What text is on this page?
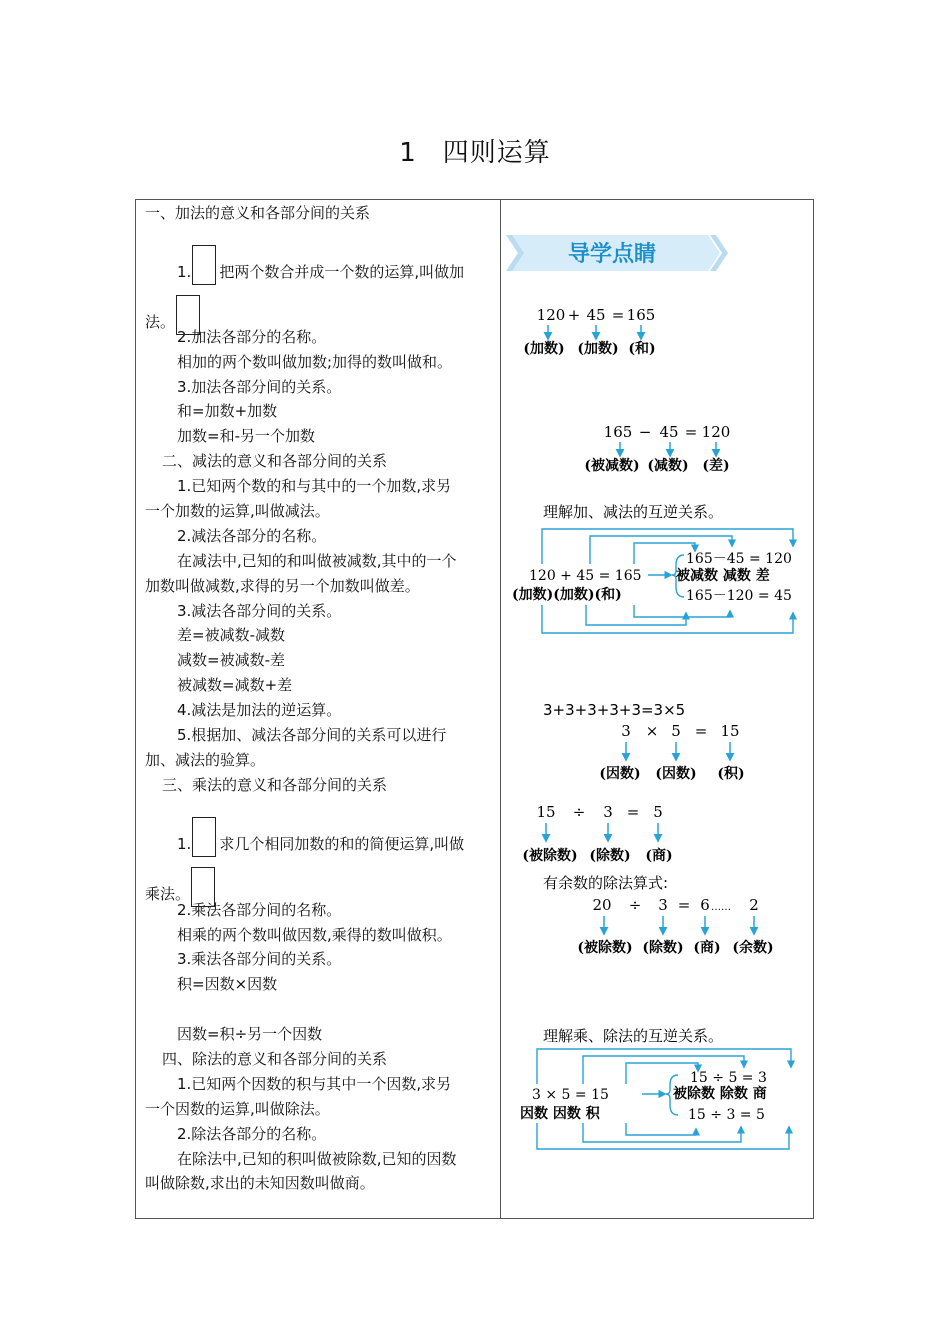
1 四则运算
一、加法的意义和各部分间的关系
1. 把两个数合并成一个数的运算,叫做加
法。
2.加法各部分的名称。
相加的两个数叫做加数;加得的数叫做和。
3.加法各部分间的关系。
和=加数+加数
加数=和-另一个加数
二、减法的意义和各部分间的关系
1.已知两个数的和与其中的一个加数,求另
一个加数的运算,叫做减法。
2.减法各部分的名称。
在减法中,已知的和叫做被减数,其中的一个
加数叫做减数,求得的另一个加数叫做差。
3.减法各部分间的关系。
差=被减数-减数
减数=被减数-差
被减数=减数+差
4.减法是加法的逆运算。
5.根据加、减法各部分间的关系可以进行
加、减法的验算。
三、乘法的意义和各部分间的关系
1. 求几个相同加数的和的简便运算,叫做
乘法。
2.乘法各部分间的名称。
相乘的两个数叫做因数,乘得的数叫做积。
3.乘法各部分间的关系。
积=因数×因数
因数=积÷另一个因数
四、除法的意义和各部分间的关系
1.已知两个因数的积与其中一个因数,求另
一个因数的运算,叫做除法。
2.除法各部分的名称。
在除法中,已知的积叫做被除数,已知的因数
叫做除数,求出的未知因数叫做商。
导学点睛
120 + 45 = 165
(加数) (加数) (和)
165 − 45 = 120
(被减数) (减数) (差)
理解加、减法的互逆关系。
120 + 45 = 165
165－45 = 120
被减数 减数 差
165－120 = 45
(加数)(加数)(和)
3+3+3+3+3=3×5
3 × 5 = 15
(因数) (因数) (积)
15 ÷ 3 = 5
(被除数) (除数) (商)
有余数的除法算式:
20 ÷ 3 = 6 …… 2
(被除数) (除数) (商) (余数)
理解乘、除法的互逆关系。
3 × 5 = 15
15 ÷ 5 = 3
被除数 除数 商
15 ÷ 3 = 5
因数 因数 积
